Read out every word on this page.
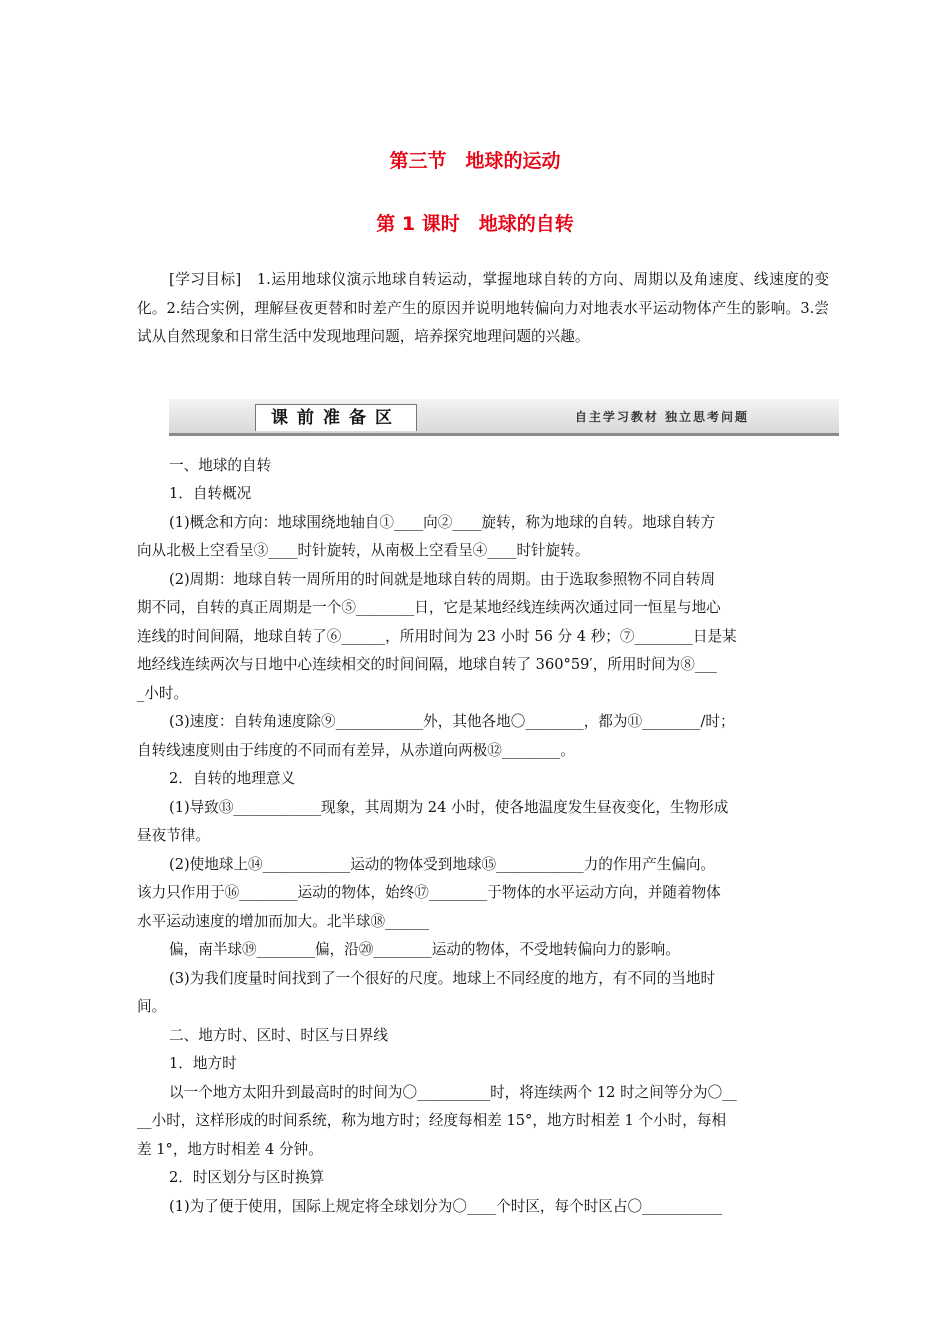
第三节　地球的运动
第 1 课时　地球的自转
[学习目标]　1.运用地球仪演示地球自转运动，掌握地球自转的方向、周期以及角速度、线速度的变化。2.结合实例，理解昼夜更替和时差产生的原因并说明地转偏向力对地表水平运动物体产生的影响。3.尝试从自然现象和日常生活中发现地理问题，培养探究地理问题的兴趣。
课前准备区	自主学习教材 独立思考问题
一、地球的自转
1．自转概况
(1)概念和方向：地球围绕地轴自①____向②____旋转，称为地球的自转。地球自转方
向从北极上空看呈③____时针旋转，从南极上空看呈④____时针旋转。
(2)周期：地球自转一周所用的时间就是地球自转的周期。由于选取参照物不同自转周
期不同，自转的真正周期是一个⑤________日，它是某地经线连续两次通过同一恒星与地心
连线的时间间隔，地球自转了⑥______，所用时间为 23 小时 56 分 4 秒；⑦________日是某
地经线连续两次与日地中心连续相交的时间间隔，地球自转了 360°59′，所用时间为⑧___
_小时。
(3)速度：自转角速度除⑨____________外，其他各地〇________，都为⑪________/时；
自转线速度则由于纬度的不同而有差异，从赤道向两极⑫________。
2．自转的地理意义
(1)导致⑬____________现象，其周期为 24 小时，使各地温度发生昼夜变化，生物形成
昼夜节律。
(2)使地球上⑭____________运动的物体受到地球⑮____________力的作用产生偏向。
该力只作用于⑯________运动的物体，始终⑰________于物体的水平运动方向，并随着物体
水平运动速度的增加而加大。北半球⑱______
偏，南半球⑲________偏，沿⑳________运动的物体，不受地转偏向力的影响。
(3)为我们度量时间找到了一个很好的尺度。地球上不同经度的地方，有不同的当地时
间。
二、地方时、区时、时区与日界线
1．地方时
以一个地方太阳升到最高时的时间为〇__________时，将连续两个 12 时之间等分为〇__
__小时，这样形成的时间系统，称为地方时；经度每相差 15°，地方时相差 1 个小时，每相
差 1°，地方时相差 4 分钟。
2．时区划分与区时换算
(1)为了便于使用，国际上规定将全球划分为〇____个时区，每个时区占〇___________
